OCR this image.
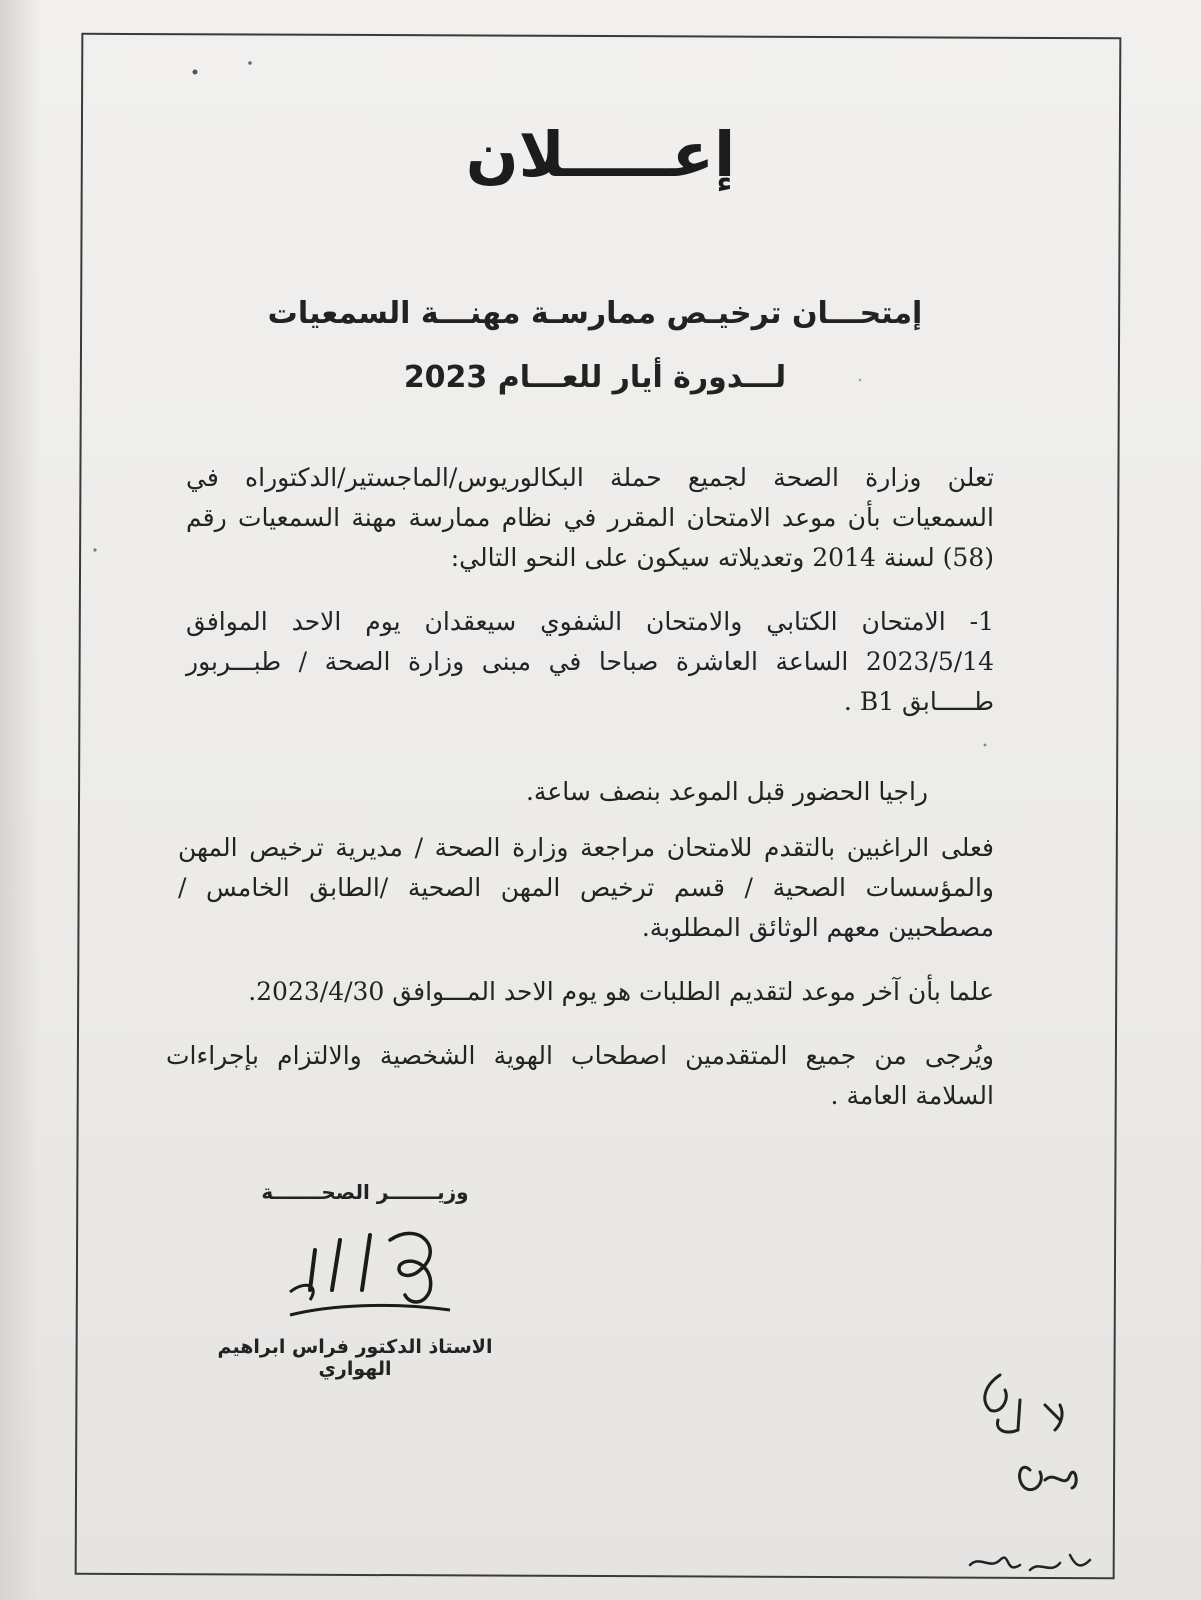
إعـــــلان
إمتحـــان ترخيـص ممارسـة مهنـــة السمعيات
لـــدورة أيار للعـــام 2023
تعلن وزارة الصحة لجميع حملة البكالوريوس/الماجستير/الدكتوراه في السمعيات بأن موعد الامتحان المقرر في نظام ممارسة مهنة السمعيات رقم (58) لسنة 2014 وتعديلاته سيكون على النحو التالي:
1- الامتحان الكتابي والامتحان الشفوي سيعقدان يوم الاحد الموافق 2023/5/14 الساعة العاشرة صباحا في مبنى وزارة الصحة / طبـــربور طـــــابق B1 .
راجيا الحضور قبل الموعد بنصف ساعة.
فعلى الراغبين بالتقدم للامتحان مراجعة وزارة الصحة / مديرية ترخيص المهن والمؤسسات الصحية / قسم ترخيص المهن الصحية /الطابق الخامس / مصطحبين معهم الوثائق المطلوبة.
علما بأن آخر موعد لتقديم الطلبات هو يوم الاحد المـــوافق 2023/4/30.
ويُرجى من جميع المتقدمين اصطحاب الهوية الشخصية والالتزام بإجراءات السلامة العامة .
وزيـــــــر الصحـــــــة
الاستاذ الدكتور فراس ابراهيم الهواري
